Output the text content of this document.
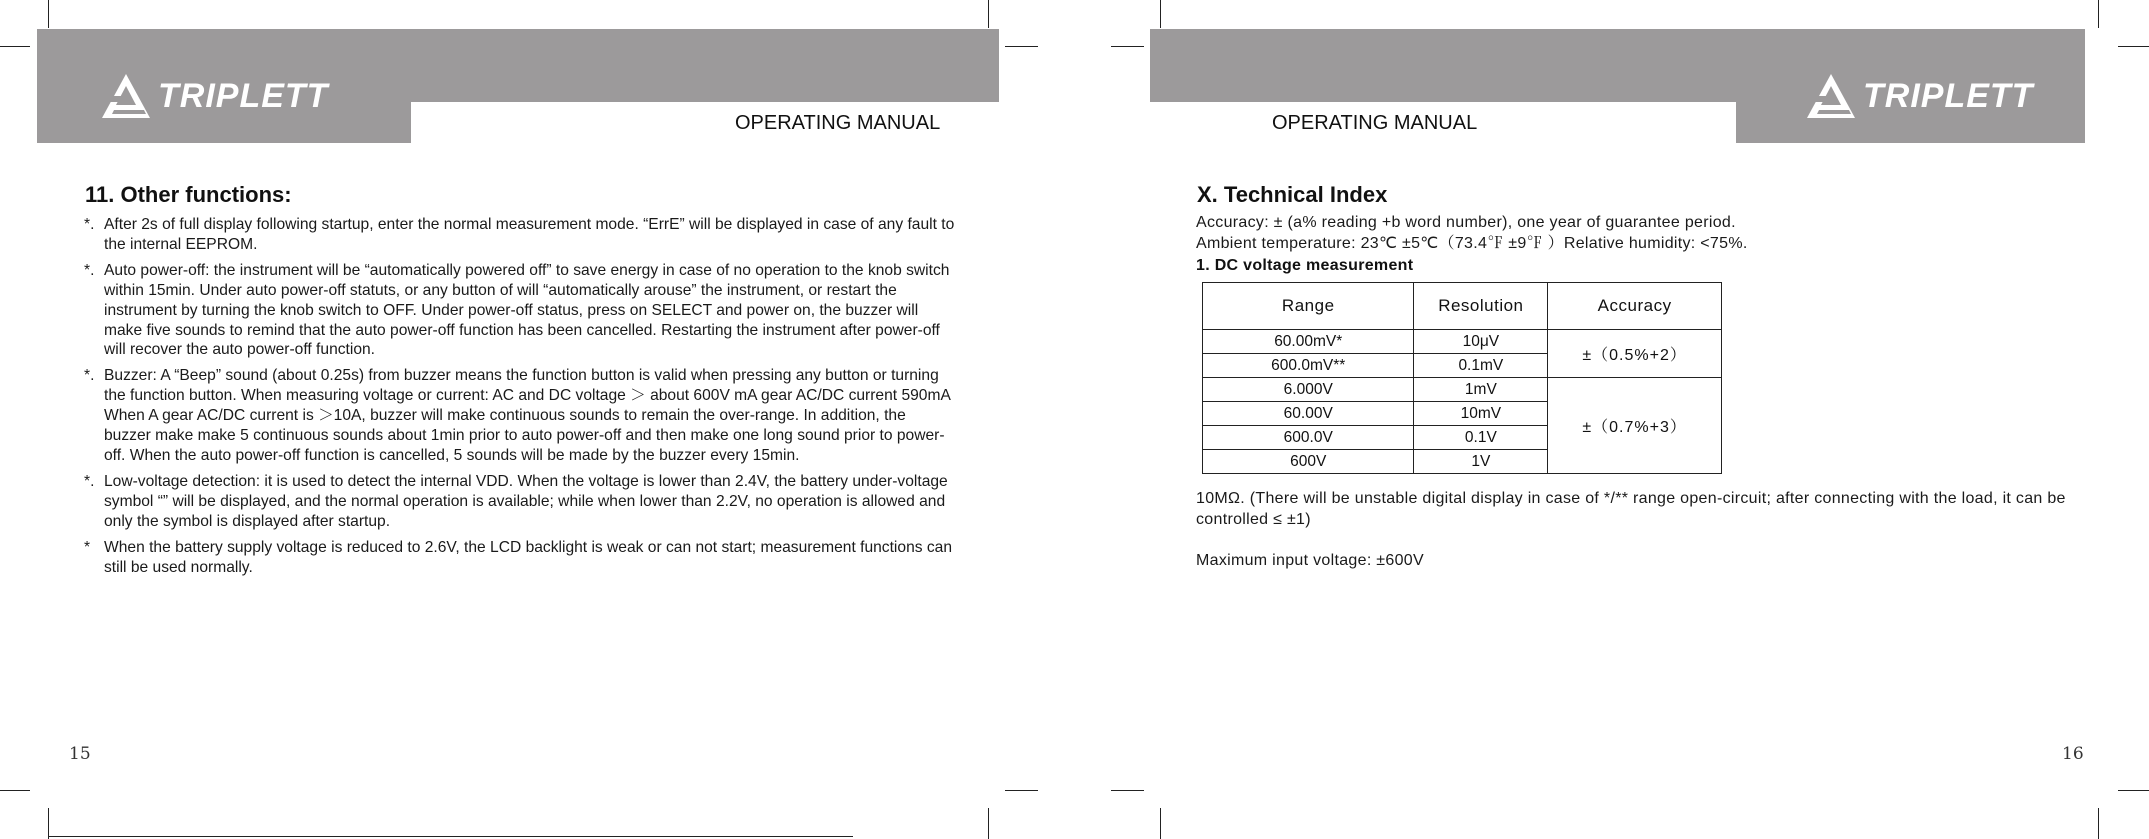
TRIPLETT
OPERATING MANUAL
11. Other functions:
*. After 2s of full display following startup, enter the normal measurement mode. “ErrE” will be displayed in case of any fault to the internal EEPROM.
*. Auto power-off: the instrument will be “automatically powered off” to save energy in case of no operation to the knob switch within 15min. Under auto power-off statuts, or any button of will “automatically arouse” the instrument, or restart the instrument by turning the knob switch to OFF. Under power-off status, press on SELECT and power on, the buzzer will make five sounds to remind that the auto power-off function has been cancelled. Restarting the instrument after power-off will recover the auto power-off function.
*. Buzzer: A “Beep” sound (about 0.25s) from buzzer means the function button is valid when pressing any button or turning the function button. When measuring voltage or current: AC and DC voltage ＞ about 600V mA gear AC/DC current 590mA When A gear AC/DC current is ＞10A, buzzer will make continuous sounds to remain the over-range. In addition, the buzzer make make 5 continuous sounds about 1min prior to auto power-off and then make one long sound prior to power-off. When the auto power-off function is cancelled, 5 sounds will be made by the buzzer every 15min.
*. Low-voltage detection: it is used to detect the internal VDD. When the voltage is lower than 2.4V, the battery under-voltage symbol “” will be displayed, and the normal operation is available; while when lower than 2.2V, no operation is allowed and only the symbol is displayed after startup.
* When the battery supply voltage is reduced to 2.6V, the LCD backlight is weak or can not start; measurement functions can still be used normally.
15
TRIPLETT
OPERATING MANUAL
X. Technical Index
Accuracy: ± (a% reading +b word number), one year of guarantee period.
Ambient temperature: 23℃ ±5℃（73.4℉ ±9℉ ）Relative humidity: <75%.
1. DC voltage measurement
Range	Resolution	Accuracy
60.00mV*	10μV	±（0.5%+2）
600.0mV**	0.1mV	
6.000V	1mV	±（0.7%+3）
60.00V	10mV	
600.0V	0.1V	
600V	1V	
10MΩ. (There will be unstable digital display in case of */** range open-circuit; after connecting with the load, it can be controlled ≤ ±1)
Maximum input voltage: ±600V
16
